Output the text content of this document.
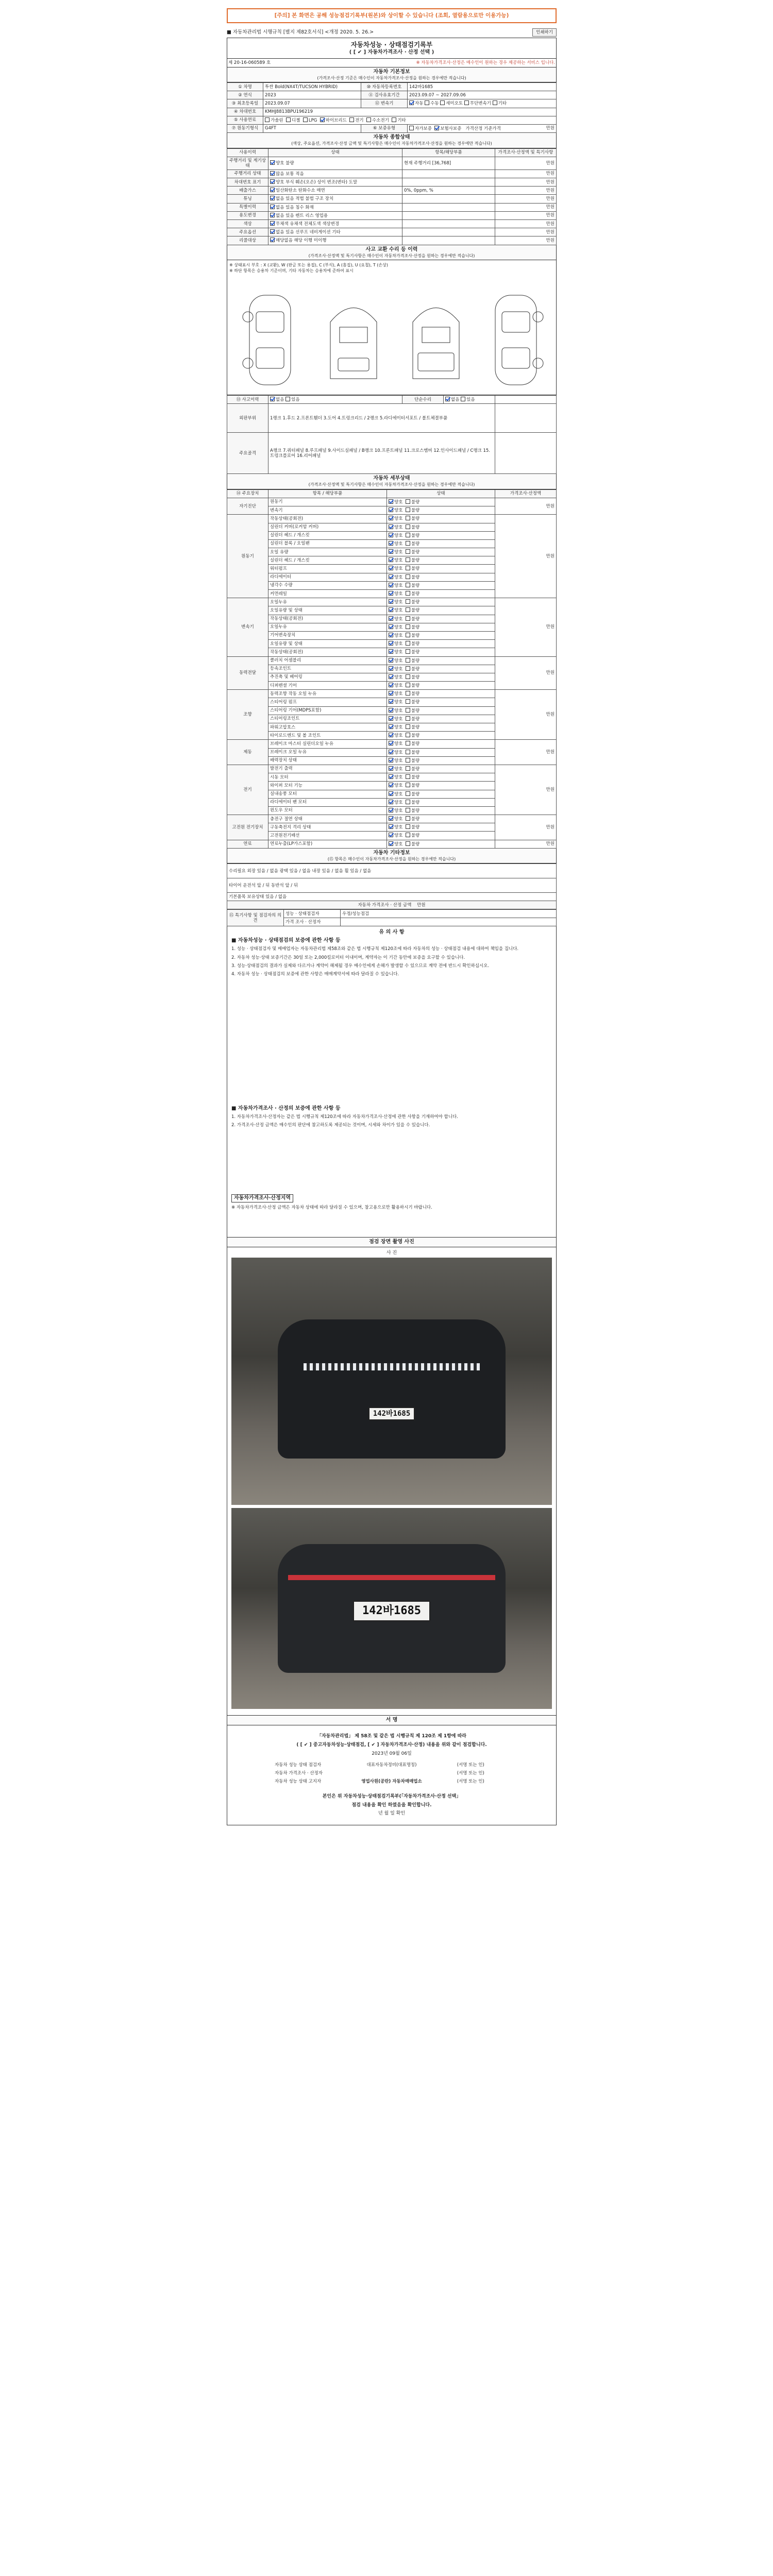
[주의] 본 화면은 공해 성능점검기록부(원본)와 상이할 수 있습니다 (조회, 열람용으로만 이용가능)
■ 자동차관리법 시행규칙 [별지 제82호서식] <개정 2020. 5. 26.>	인쇄하기
자동차성능 · 상태점검기록부
( [ ✔ ] 자동차가격조사 · 산정 선택 )
제 20-16-060589 호	※ 자동차가격조사·산정은 매수인이 원하는 경우 제공하는 서비스 입니다.
자동차 기본정보
(가격조사·산정 기준은 매수인이 자동차가격조사·산정을 원하는 경우에만 적습니다)
① 차명	투싼 Bold(NX4T/TUCSON HYBRID)	⑩ 자동차등록번호	142바1685
② 연식	2023	⑪ 검사유효기간	2023.09.07 ~ 2027.09.06
③ 최초등록일	2023.09.07	⑫ 변속기	자동 수동 세미오토 무단변속기 기타
④ 차대번호	KMHJ8813BPU196219		
⑤ 사용연료	가솔린 디젤 LPG 하이브리드 전기 수소전기 기타		
⑦ 원동기형식	G4FT	⑥ 보증유형	자가보증 보험사보증 가격산정 기준가격 만원
자동차 종합상태
(색상, 주요옵션, 가격조사·산정 금액 및 특기사항은 매수인이 자동차가격조사·산정을 원하는 경우에만 적습니다)
사용이력	상태	항목/해당부품	가격조사·산정액 및 특기사항
주행거리 및 계기상태	양호 불량	현재 주행거리 [36,768]	만원
주행거리 상태	많음 보통 적음		만원
차대번호 표기	양호 부식 훼손(오손) 상이 변조(변타) 도말		만원
배출가스	일산화탄소 탄화수소 매연	0%, 0ppm, %	만원
튜닝	없음 있음 적법 불법 구조 장치		만원
특별이력	없음 있음 침수 화재		만원
용도변경	없음 있음 렌트 리스 영업용		만원
색상	무채색 유채색 전체도색 색상변경		만원
주요옵션	없음 있음 선루프 네비게이션 기타		만원
리콜대상	해당없음 해당 이행 미이행		만원
사고 교환 수리 등 이력
(가격조사·산정액 및 특기사항은 매수인이 자동차가격조사·산정을 원하는 경우에만 적습니다)
※ 상태표시 부호 : X (교환), W (판금 또는 용접), C (부식), A (흠집), U (요철), T (손상)
※ 하단 항목은 승용차 기준이며, 기타 자동차는 승용차에 준하여 표시
⑬ 사고이력	없음 있음	단순수리	없음 있음	
외판부위	1랭크 1.후드 2.프론트휀더 3.도어 4.트렁크리드 / 2랭크 5.라디에이터서포트 / 볼트체결부품			
주요골격	A랭크 7.쿼터패널 8.루프패널 9.사이드실패널 / B랭크 10.프론트패널 11.크로스멤버 12.인사이드패널 / C랭크 15.트렁크플로어 16.리어패널			
자동차 세부상태
(가격조사·산정액 및 특기사항은 매수인이 자동차가격조사·산정을 원하는 경우에만 적습니다)
⑭ 주요장치	항목 / 해당부품	상태	가격조사·산정액
자기진단	원동기	양호 불량	만원
	변속기	양호 불량	
원동기	작동상태(공회전)	양호 불량	만원
	실린더 커버(로커암 커버)	양호 불량	
	실린더 헤드 / 개스킷	양호 불량	
	실린더 블록 / 오일팬	양호 불량	
	오일 유량	양호 불량	
	실린더 헤드 / 개스킷	양호 불량	
	워터펌프	양호 불량	
	라디에이터	양호 불량	
	냉각수 수량	양호 불량	
	커먼레일	양호 불량	
변속기	오일누유	양호 불량	만원
	오일유량 및 상태	양호 불량	
	작동상태(공회전)	양호 불량	
	오일누유	양호 불량	
	기어변속장치	양호 불량	
	오일유량 및 상태	양호 불량	
	작동상태(공회전)	양호 불량	
동력전달	클러치 어셈블리	양호 불량	만원
	등속조인트	양호 불량	
	추진축 및 베어링	양호 불량	
	디퍼렌셜 기어	양호 불량	
조향	동력조향 작동 오일 누유	양호 불량	만원
	스티어링 펌프	양호 불량	
	스티어링 기어(MDPS포함)	양호 불량	
	스티어링조인트	양호 불량	
	파워고압호스	양호 불량	
	타이로드엔드 및 볼 조인트	양호 불량	
제동	브레이크 마스터 실린더오일 누유	양호 불량	만원
	브레이크 오일 누유	양호 불량	
	배력장치 상태	양호 불량	
전기	발전기 출력	양호 불량	만원
	시동 모터	양호 불량	
	와이퍼 모터 기능	양호 불량	
	실내송풍 모터	양호 불량	
	라디에이터 팬 모터	양호 불량	
	윈도우 모터	양호 불량	
고전원 전기장치	충전구 절연 상태	양호 불량	만원
	구동축전지 격리 상태	양호 불량	
	고전원전기배선	양호 불량	
연료	연료누출(LP가스포함)	양호 불량	만원
자동차 기타정보
(⑮ 항목은 매수인이 자동차가격조사·산정을 원하는 경우에만 적습니다)
수리필요 외장 있음 / 없음 광택 있음 / 없음 내장 있음 / 없음 휠 있음 / 없음
타이어 운전석 앞 / 뒤 동반석 앞 / 뒤
기본품목 보유상태 있음 / 없음
자동차 가격조사 · 산정 금액 만원
⑮ 특기사항 및 점검자의 의견	성능 · 상태점검자	우정/성능점검
	가격 조사 · 산정자	
유 의 사 항
■ 자동차성능 · 상태점검의 보증에 관한 사항 등

1. 성능 · 상태점검자 및 매매업자는 자동차관리법 제58조와 같은 법 시행규칙 제120조에 따라 자동차의 성능 · 상태점검 내용에 대하여 책임을 집니다.

2. 자동차 성능·상태 보증기간은 30일 또는 2,000킬로미터 이내이며, 계약자는 이 기간 동안에 보증을 요구할 수 있습니다.

3. 성능·상태점검의 결과가 실제와 다르거나 계약이 해제될 경우 매수인에게 손해가 발생할 수 있으므로 계약 전에 반드시 확인하십시오.

4. 자동차 성능 · 상태점검의 보증에 관한 사항은 매매계약서에 따라 달라질 수 있습니다.

■ 자동차가격조사 · 산정의 보증에 관한 사항 등

1. 자동차가격조사·산정자는 같은 법 시행규칙 제120조에 따라 자동차가격조사·산정에 관한 사항을 기재하여야 합니다.

2. 가격조사·산정 금액은 매수인의 판단에 참고하도록 제공되는 것이며, 시세와 차이가 있을 수 있습니다.

자동차가격조사·산정지역

※ 자동차가격조사·산정 금액은 자동차 상태에 따라 달라질 수 있으며, 참고용으로만 활용하시기 바랍니다.

점검 장면 촬영 사진
사 진
142바1685
142바1685
서 명

「자동차관리법」 제 58조 및 같은 법 시행규칙 제 120조 제 1항에 따라

( [ ✔ ] 중고자동차성능·상태점검, [ ✔ ] 자동차가격조사·산정) 내용을 위와 같이 점검합니다.

2023년 09월 06일

자동차 성능 상태 점검자	대표자동차정비(대표명칭)	(서명 또는 인)
자동차 가격조사 · 산정자		(서명 또는 인)
자동차 성능 상태 고지자	영업사원(공란) 자동차매매업소	(서명 또는 인)

본인은 위 자동차성능·상태점검기록부(「자동차가격조사·산정 선택」

점검 내용을 확인 하였음을 확인합니다.

년 월 일 확인
